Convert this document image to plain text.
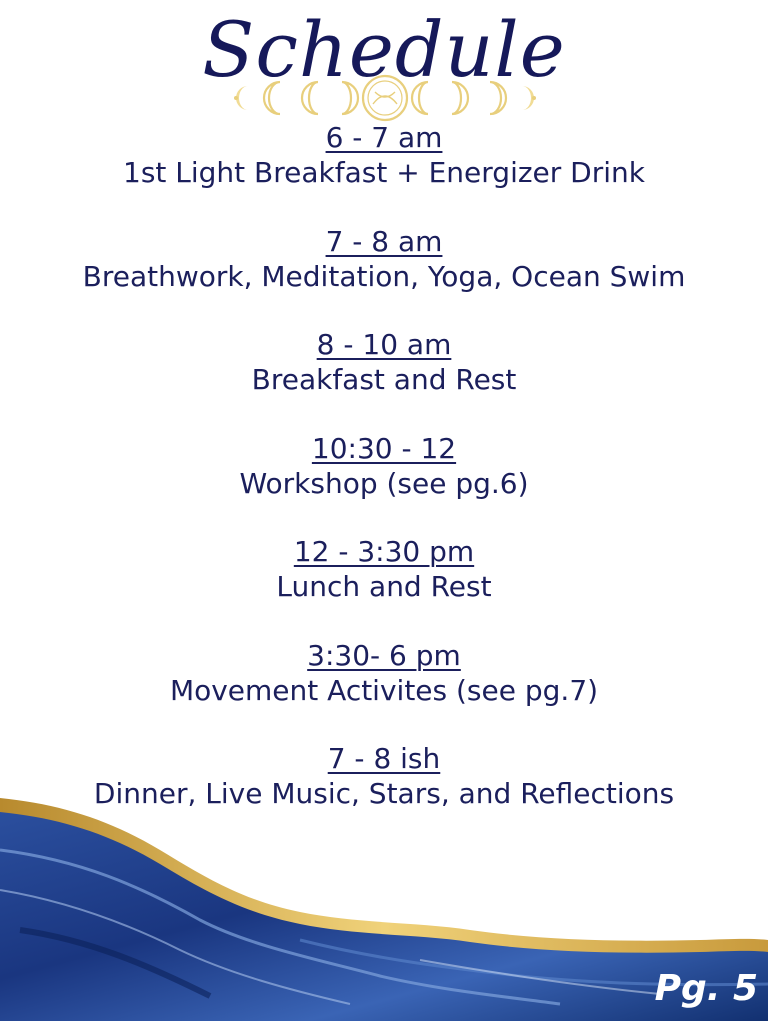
Schedule
6 - 7 am
1st Light Breakfast + Energizer Drink
7 - 8 am
Breathwork, Meditation, Yoga, Ocean Swim
8 - 10 am
Breakfast and Rest
10:30 - 12
Workshop (see pg.6)
12 - 3:30 pm
Lunch and Rest
3:30- 6 pm
Movement Activites (see pg.7)
7 - 8 ish
Dinner, Live Music, Stars, and Reflections
Pg. 5
